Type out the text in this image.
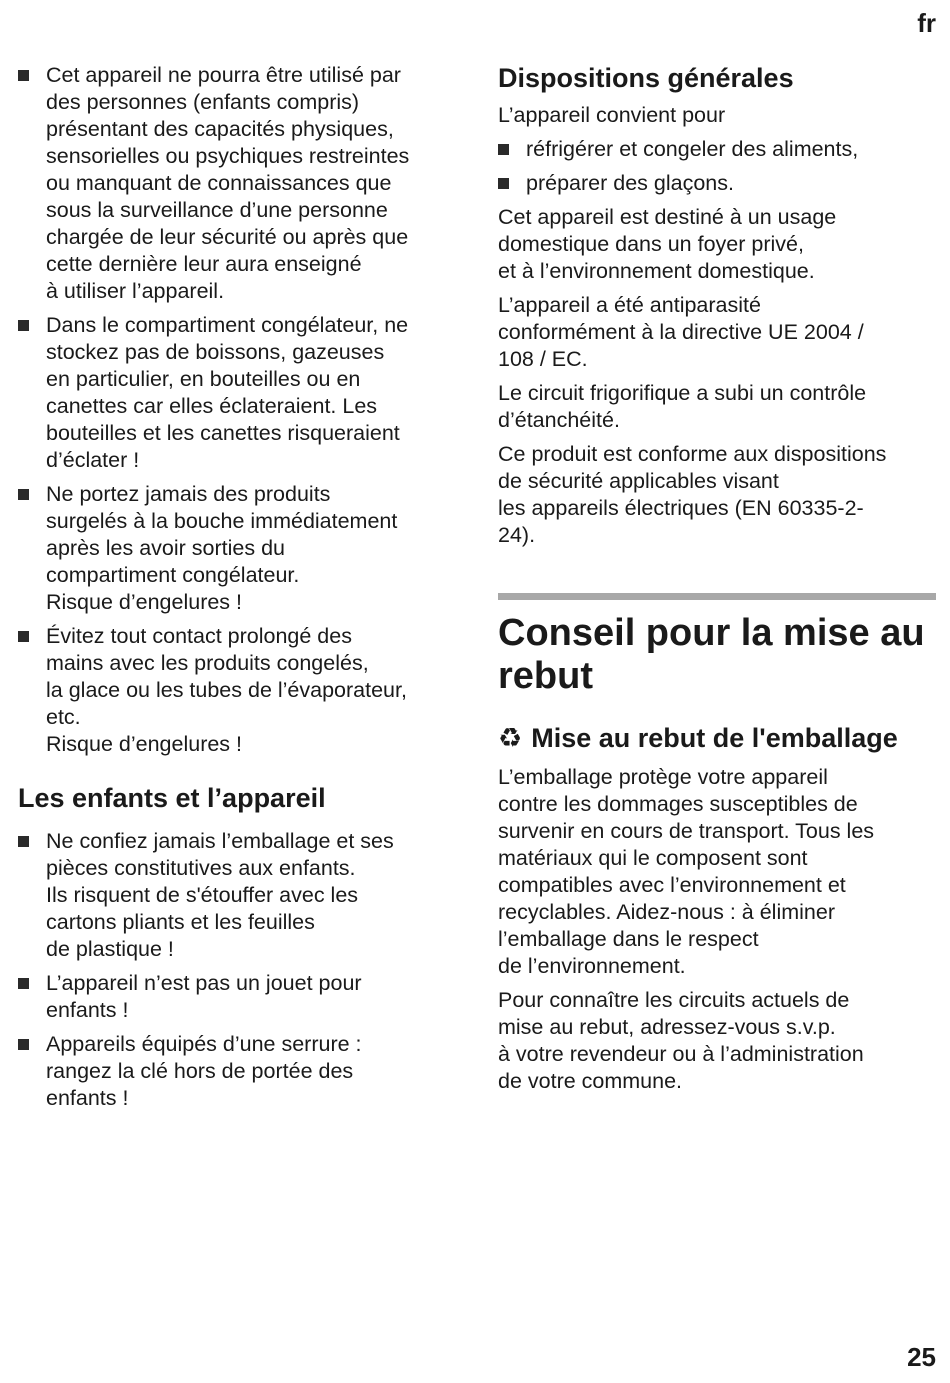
fr
Cet appareil ne pourra être utilisé par
des personnes (enfants compris)
présentant des capacités physiques,
sensorielles ou psychiques restreintes
ou manquant de connaissances que
sous la surveillance d’une personne
chargée de leur sécurité ou après que
cette dernière leur aura enseigné
à utiliser l’appareil.
Dans le compartiment congélateur, ne
stockez pas de boissons, gazeuses
en particulier, en bouteilles ou en
canettes car elles éclateraient. Les
bouteilles et les canettes risqueraient
d’éclater !
Ne portez jamais des produits
surgelés à la bouche immédiatement
après les avoir sorties du
compartiment congélateur.
Risque d’engelures !
Évitez tout contact prolongé des
mains avec les produits congelés,
la glace ou les tubes de l’évaporateur,
etc.
Risque d’engelures !
Les enfants et l’appareil
Ne confiez jamais l’emballage et ses
pièces constitutives aux enfants.
Ils risquent de s'étouffer avec les
cartons pliants et les feuilles
de plastique !
L’appareil n’est pas un jouet pour
enfants !
Appareils équipés d’une serrure :
rangez la clé hors de portée des
enfants !
Dispositions générales

L’appareil convient pour

réfrigérer et congeler des aliments,
préparer des glaçons.

Cet appareil est destiné à un usage
domestique dans un foyer privé,
et à l’environnement domestique.

L’appareil a été antiparasité
conformément à la directive UE 2004 /
108 / EC.

Le circuit frigorifique a subi un contrôle
d’étanchéité.

Ce produit est conforme aux dispositions
de sécurité applicables visant
les appareils électriques (EN 60335-2-
24).

Conseil pour la mise au
rebut
♻ Mise au rebut de l'emballage

L’emballage protège votre appareil
contre les dommages susceptibles de
survenir en cours de transport. Tous les
matériaux qui le composent sont
compatibles avec l’environnement et
recyclables. Aidez-nous : à éliminer
l’emballage dans le respect
de l’environnement.

Pour connaître les circuits actuels de
mise au rebut, adressez-vous s.v.p.
à votre revendeur ou à l’administration
de votre commune.

25
